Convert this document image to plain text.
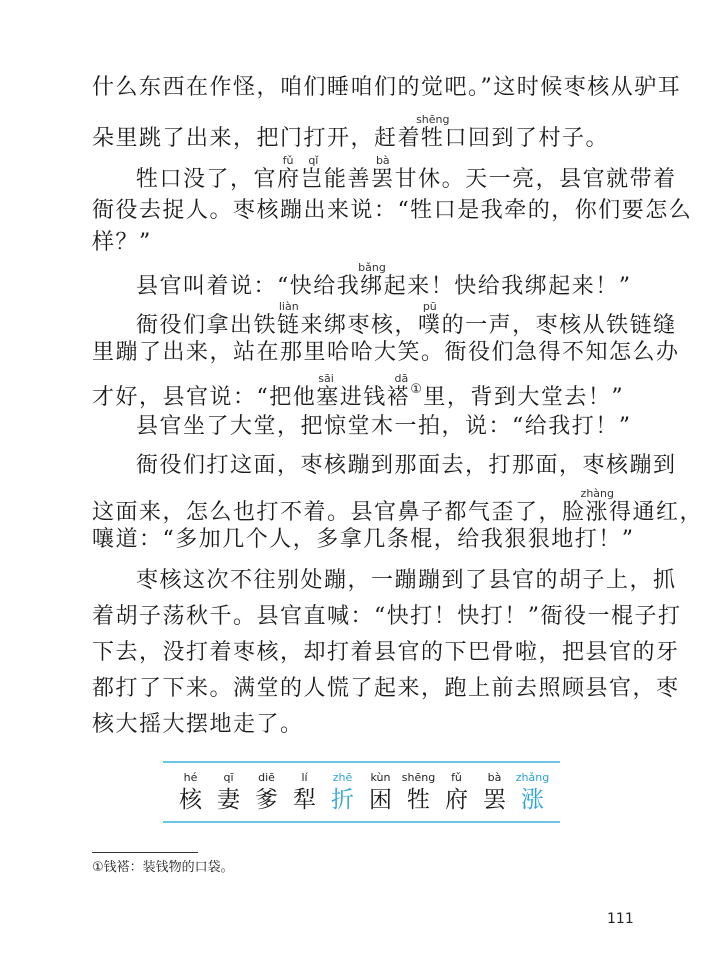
什么东西在作怪，咱们睡咱们的觉吧。”这时候枣核从驴耳
朵里跳了出来，把门打开，赶着牲shēng口回到了村子。
牲口没了，官府岂fǔ qǐ能善罢bà甘休。天一亮，县官就带着
衙役去捉人。枣核蹦出来说：“牲口是我牵的，你们要怎么
样？”
县官叫着说：“快给我绑bǎng起来！快给我绑起来！”
衙役们拿出铁链liàn来绑枣核，噗pū的一声，枣核从铁链缝
里蹦了出来，站在那里哈哈大笑。衙役们急得不知怎么办
才好，县官说：“把他塞进钱褡sāi        dā①里，背到大堂去！”
县官坐了大堂，把惊堂木一拍，说：“给我打！”
衙役们打这面，枣核蹦到那面去，打那面，枣核蹦到
这面来，怎么也打不着。县官鼻子都气歪了，脸涨zhàng得通红，
嚷道：“多加几个人，多拿几条棍，给我狠狠地打！”
枣核这次不往别处蹦，一蹦蹦到了县官的胡子上，抓
着胡子荡秋千。县官直喊：“快打！快打！”衙役一棍子打
下去，没打着枣核，却打着县官的下巴骨啦，把县官的牙
都打了下来。满堂的人慌了起来，跑上前去照顾县官，枣
核大摇大摆地走了。
hé
核
qī
妻
diē
爹
lí
犁
zhē
折
kùn
困
shēng
牲
fǔ
府
bà
罢
zhǎng
涨
①钱褡：装钱物的口袋。
111
